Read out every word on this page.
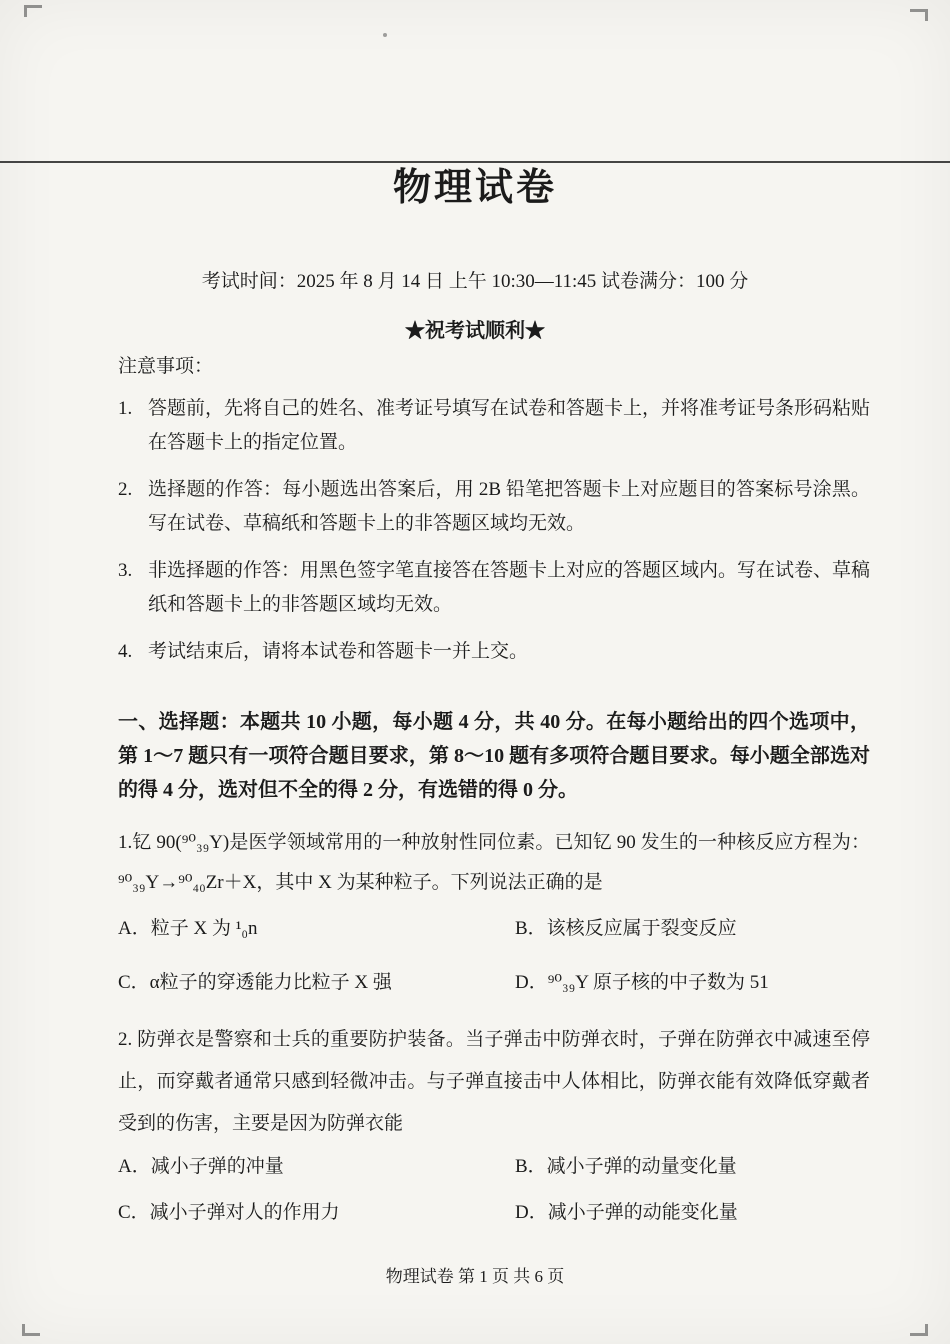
物理试卷

考试时间：2025 年 8 月 14 日 上午 10:30—11:45 试卷满分：100 分

★祝考试顺利★

注意事项：

1. 答题前，先将自己的姓名、准考证号填写在试卷和答题卡上，并将准考证号条形码粘贴在答题卡上的指定位置。
2. 选择题的作答：每小题选出答案后，用 2B 铅笔把答题卡上对应题目的答案标号涂黑。写在试卷、草稿纸和答题卡上的非答题区域均无效。
3. 非选择题的作答：用黑色签字笔直接答在答题卡上对应的答题区域内。写在试卷、草稿纸和答题卡上的非答题区域均无效。
4. 考试结束后，请将本试卷和答题卡一并上交。

一、选择题：本题共 10 小题，每小题 4 分，共 40 分。在每小题给出的四个选项中，第 1～7 题只有一项符合题目要求，第 8～10 题有多项符合题目要求。每小题全部选对的得 4 分，选对但不全的得 2 分，有选错的得 0 分。

1.钇 90(⁹⁰₃₉Y)是医学领域常用的一种放射性同位素。已知钇 90 发生的一种核反应方程为：⁹⁰₃₉Y→⁹⁰₄₀Zr＋X，其中 X 为某种粒子。下列说法正确的是

A．粒子 X 为 ¹₀n	B．该核反应属于裂变反应
C．α粒子的穿透能力比粒子 X 强	D．⁹⁰₃₉Y 原子核的中子数为 51

2. 防弹衣是警察和士兵的重要防护装备。当子弹击中防弹衣时，子弹在防弹衣中减速至停止，而穿戴者通常只感到轻微冲击。与子弹直接击中人体相比，防弹衣能有效降低穿戴者受到的伤害，主要是因为防弹衣能

A．减小子弹的冲量	B．减小子弹的动量变化量
C．减小子弹对人的作用力	D．减小子弹的动能变化量

物理试卷 第 1 页 共 6 页
